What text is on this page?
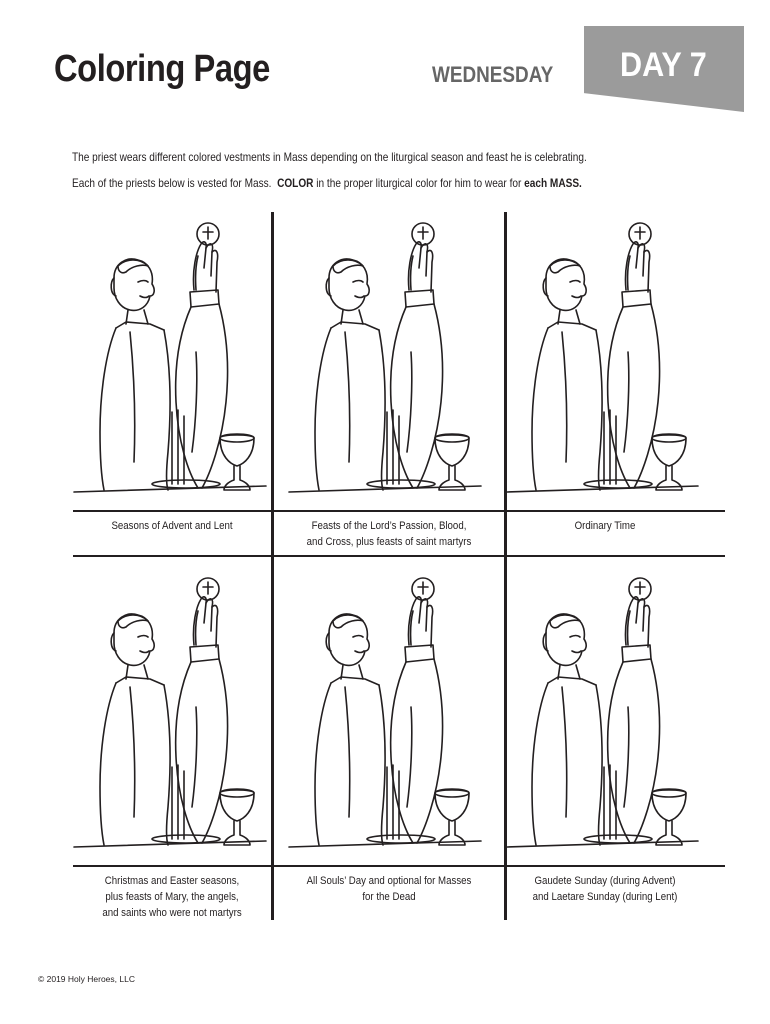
Coloring Page	WEDNESDAY DAY 7
The priest wears different colored vestments in Mass depending on the liturgical season and feast he is celebrating.
Each of the priests below is vested for Mass. COLOR in the proper liturgical color for him to wear for each MASS.
Seasons of Advent and Lent	Feasts of the Lord’s Passion, Blood,
and Cross, plus feasts of saint martyrs
Ordinary Time
Christmas and Easter seasons,
plus feasts of Mary, the angels,
and saints who were not martyrs
All Souls’ Day and optional for Masses
for the Dead
Gaudete Sunday (during Advent)
and Laetare Sunday (during Lent)
© 2019 Holy Heroes, LLC
